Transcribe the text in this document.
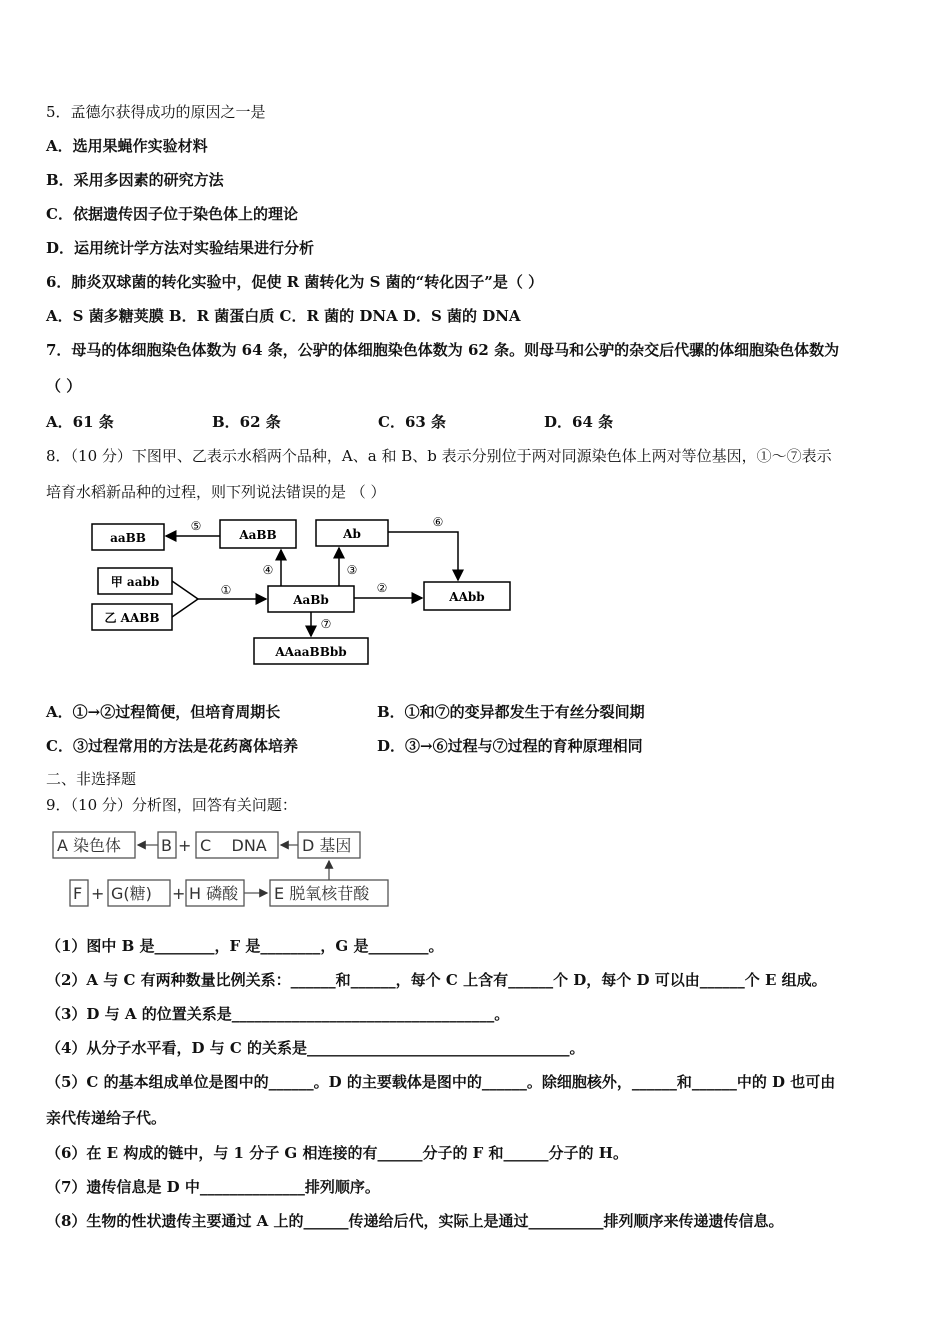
5．孟德尔获得成功的原因之一是
A．选用果蝇作实验材料
B．采用多因素的研究方法
C．依据遗传因子位于染色体上的理论
D．运用统计学方法对实验结果进行分析
6．肺炎双球菌的转化实验中，促使 R 菌转化为 S 菌的“转化因子”是（ ）
A．S 菌多糖荚膜 B．R 菌蛋白质 C．R 菌的 DNA D．S 菌的 DNA
7．母马的体细胞染色体数为 64 条，公驴的体细胞染色体数为 62 条。则母马和公驴的杂交后代骡的体细胞染色体数为
（ ）
A．61 条	B．62 条	C．63 条	D．64 条
8．（10 分）下图甲、乙表示水稻两个品种，A、a 和 B、b 表示分别位于两对同源染色体上两对等位基因，①～⑦表示
培育水稻新品种的过程，则下列说法错误的是 （ ）
aaBB	AaBB	Ab
甲 aabb
乙 AABB
AaBb	AAbb
AAaaBBbb
①	②
③
④
⑤	⑥
⑦
A．①→②过程简便，但培育周期长	B．①和⑦的变异都发生于有丝分裂间期
C．③过程常用的方法是花药离体培养	D．③→⑥过程与⑦过程的育种原理相同
二、非选择题
9．（10 分）分析图，回答有关问题：
A 染色体 B + C    DNA D 基因
F + G(糖) + H 磷酸 E 脱氧核苷酸
（1）图中 B 是________，F 是________，G 是________。
（2）A 与 C 有两种数量比例关系：______和______，每个 C 上含有______个 D，每个 D 可以由______个 E 组成。
（3）D 与 A 的位置关系是___________________________________。
（4）从分子水平看，D 与 C 的关系是___________________________________。
（5）C 的基本组成单位是图中的______。D 的主要载体是图中的______。除细胞核外，______和______中的 D 也可由
亲代传递给子代。
（6）在 E 构成的链中，与 1 分子 G 相连接的有______分子的 F 和______分子的 H。
（7）遗传信息是 D 中______________排列顺序。
（8）生物的性状遗传主要通过 A 上的______传递给后代，实际上是通过__________排列顺序来传递遗传信息。
